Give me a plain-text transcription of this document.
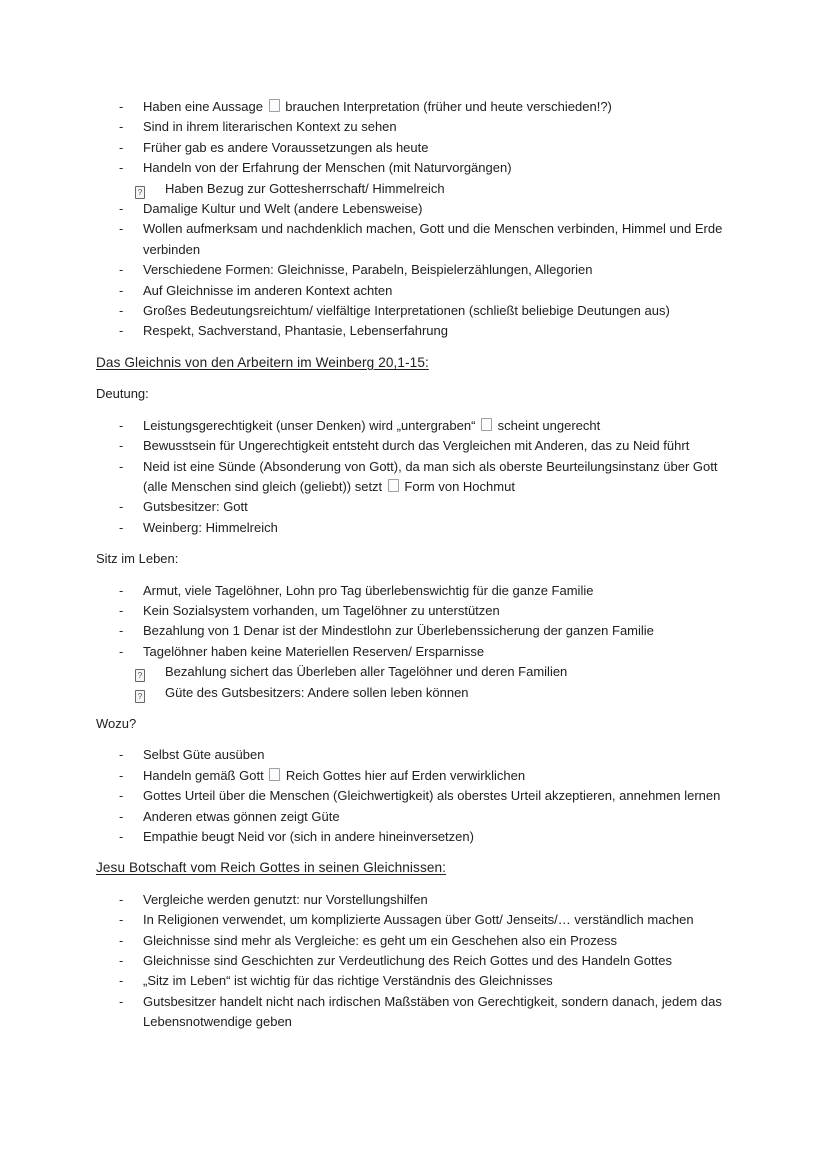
-	Haben eine Aussage  brauchen Interpretation (früher und heute verschieden!?)
-	Sind in ihrem literarischen Kontext zu sehen
-	Früher gab es andere Voraussetzungen als heute
-	Handeln von der Erfahrung der Menschen (mit Naturvorgängen)
?	Haben Bezug zur Gottesherrschaft/ Himmelreich
-	Damalige Kultur und Welt (andere Lebensweise)
-	Wollen aufmerksam und nachdenklich machen, Gott und die Menschen verbinden, Himmel und Erde verbinden
-	Verschiedene Formen: Gleichnisse, Parabeln, Beispielerzählungen, Allegorien
-	Auf Gleichnisse im anderen Kontext achten
-	Großes Bedeutungsreichtum/ vielfältige Interpretationen (schließt beliebige Deutungen aus)
-	Respekt, Sachverstand, Phantasie, Lebenserfahrung
Das Gleichnis von den Arbeitern im Weinberg 20,1-15:
Deutung:
-	Leistungsgerechtigkeit (unser Denken) wird „untergraben“  scheint ungerecht
-	Bewusstsein für Ungerechtigkeit entsteht durch das Vergleichen mit Anderen, das zu Neid führt
-	Neid ist eine Sünde (Absonderung von Gott), da man sich als oberste Beurteilungsinstanz über Gott (alle Menschen sind gleich (geliebt)) setzt  Form von Hochmut
-	Gutsbesitzer: Gott
-	Weinberg: Himmelreich
Sitz im Leben:
-	Armut, viele Tagelöhner, Lohn pro Tag überlebenswichtig für die ganze Familie
-	Kein Sozialsystem vorhanden, um Tagelöhner zu unterstützen
-	Bezahlung von 1 Denar ist der Mindestlohn zur Überlebenssicherung der ganzen Familie
-	Tagelöhner haben keine Materiellen Reserven/ Ersparnisse
?	Bezahlung sichert das Überleben aller Tagelöhner und deren Familien
?	Güte des Gutsbesitzers: Andere sollen leben können
Wozu?
-	Selbst Güte ausüben
-	Handeln gemäß Gott  Reich Gottes hier auf Erden verwirklichen
-	Gottes Urteil über die Menschen (Gleichwertigkeit) als oberstes Urteil akzeptieren, annehmen lernen
-	Anderen etwas gönnen zeigt Güte
-	Empathie beugt Neid vor (sich in andere hineinversetzen)
Jesu Botschaft vom Reich Gottes in seinen Gleichnissen:
-	Vergleiche werden genutzt: nur Vorstellungshilfen
-	In Religionen verwendet, um komplizierte Aussagen über Gott/ Jenseits/… verständlich machen
-	Gleichnisse sind mehr als Vergleiche: es geht um ein Geschehen also ein Prozess
-	Gleichnisse sind Geschichten zur Verdeutlichung des Reich Gottes und des Handeln Gottes
-	„Sitz im Leben“ ist wichtig für das richtige Verständnis des Gleichnisses
-	Gutsbesitzer handelt nicht nach irdischen Maßstäben von Gerechtigkeit, sondern danach, jedem das Lebensnotwendige geben
